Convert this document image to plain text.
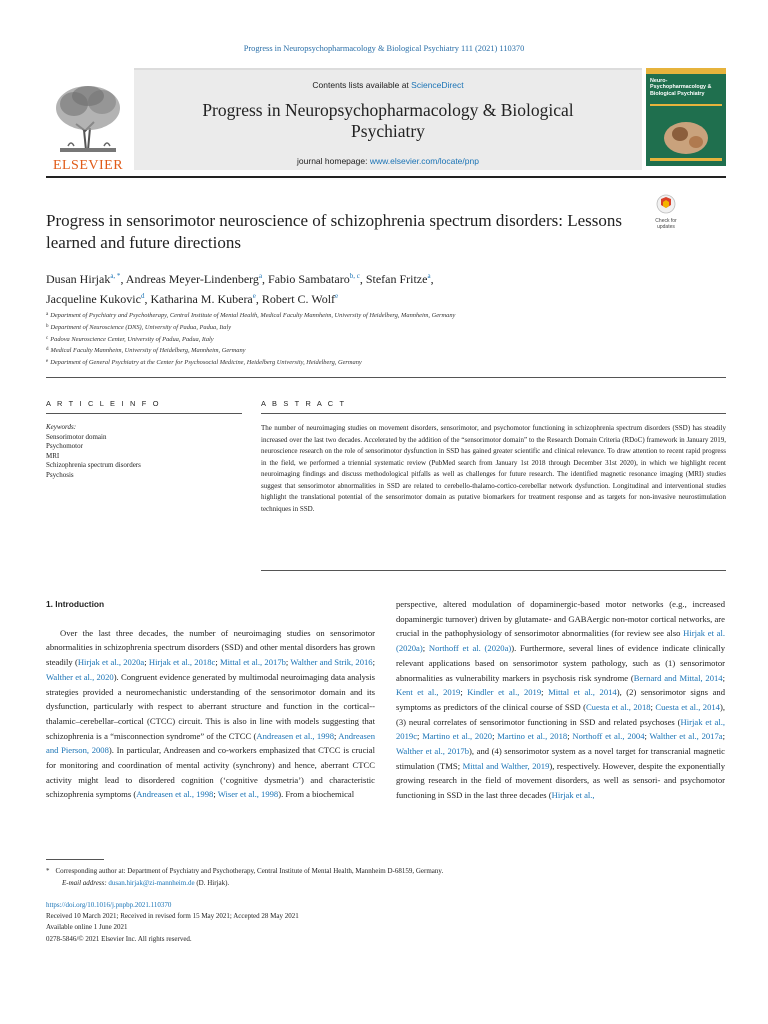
Progress in Neuropsychopharmacology & Biological Psychiatry 111 (2021) 110370
ELSEVIER
Contents lists available at ScienceDirect
Progress in Neuropsychopharmacology & Biological Psychiatry
journal homepage: www.elsevier.com/locate/pnp
Neuro-Psychopharmacology & Biological Psychiatry
Check for
updates
Progress in sensorimotor neuroscience of schizophrenia spectrum disorders: Lessons learned and future directions
Dusan Hirjak$^{a, *}$, Andreas Meyer-Lindenberg$^a$, Fabio Sambataro$^{b, c}$, Stefan Fritze$^a$,
Jacqueline Kukovic$^d$, Katharina M. Kubera$^e$, Robert C. Wolf$^e$
$^a$ Department of Psychiatry and Psychotherapy, Central Institute of Mental Health, Medical Faculty Mannheim, University of Heidelberg, Mannheim, Germany
$^b$ Department of Neuroscience (DNS), University of Padua, Padua, Italy
$^c$ Padova Neuroscience Center, University of Padua, Padua, Italy
$^d$ Medical Faculty Mannheim, University of Heidelberg, Mannheim, Germany
$^e$ Department of General Psychiatry at the Center for Psychosocial Medicine, Heidelberg University, Heidelberg, Germany
A R T I C L E I N F O	A B S T R A C T
Keywords:
Sensorimotor domain
Psychomotor
MRI
Schizophrenia spectrum disorders
Psychosis
The number of neuroimaging studies on movement disorders, sensorimotor, and psychomotor functioning in schizophrenia spectrum disorders (SSD) has steadily increased over the last two decades. Accelerated by the addition of the “sensorimotor domain” to the Research Domain Criteria (RDoC) framework in January 2019, neuroscience research on the role of sensorimotor dysfunction in SSD has gained greater scientific and clinical relevance. To draw attention to recent rapid progress in the field, we performed a triennial systematic review (PubMed search from January 1st 2018 through December 31st 2020), in which we highlight recent neuroimaging findings and discuss methodological pitfalls as well as challenges for future research. The identified magnetic resonance imaging (MRI) studies suggest that sensorimotor abnormalities in SSD are related to cerebello-thalamo-cortico-cerebellar network dysfunction. Longitudinal and interventional studies highlight the translational potential of the sensorimotor domain as putative biomarkers for treatment response and as targets for non-invasive neurostimulation techniques in SSD.
1. Introduction

Over the last three decades, the number of neuroimaging studies on sensorimotor abnormalities in schizophrenia spectrum disorders (SSD) and other mental disorders has grown steadily (Hirjak et al., 2020a; Hirjak et al., 2018c; Mittal et al., 2017b; Walther and Strik, 2016; Walther et al., 2020). Congruent evidence generated by multimodal neuroimaging data analysis strategies provided a neuromechanistic understanding of the sensorimotor domain and its dysfunction, particularly with respect to aberrant structure and function in the cortical--thalamic–cerebellar–cortical (CTCC) circuit. This is also in line with models suggesting that schizophrenia is a “misconnection syndrome” of the CTCC (Andreasen et al., 1998; Andreasen and Pierson, 2008). In particular, Andreasen and co-workers emphasized that CTCC is crucial for monitoring and coordination of mental activity (synchrony) and hence, aberrant CTCC activity might lead to disordered cognition (‘cognitive dysmetria’) and characteristic schizophrenia symptoms (Andreasen et al., 1998; Wiser et al., 1998). From a biochemical

perspective, altered modulation of dopaminergic-based motor networks (e.g., increased dopaminergic turnover) driven by glutamate- and GABAergic non-motor cortical networks, are crucial in the pathophysiology of sensorimotor abnormalities (for review see also Hirjak et al. (2020a); Northoff et al. (2020a)). Furthermore, several lines of evidence indicate clinically relevant applications based on sensorimotor system pathology, such as (1) sensorimotor abnormalities as vulnerability markers in psychosis risk syndrome (Bernard and Mittal, 2014; Kent et al., 2019; Kindler et al., 2019; Mittal et al., 2014), (2) sensorimotor signs and symptoms as predictors of the clinical course of SSD (Cuesta et al., 2018; Cuesta et al., 2014), (3) neural correlates of sensorimotor functioning in SSD and related psychoses (Hirjak et al., 2019c; Martino et al., 2020; Martino et al., 2018; Northoff et al., 2004; Walther et al., 2017a; Walther et al., 2017b), and (4) sensorimotor system as a novel target for transcranial magnetic stimulation (TMS; Mittal and Walther, 2019), respectively. However, despite the exponentially growing research in the field of movement disorders, as well as sensori- and psychomotor functioning in SSD in the last three decades (Hirjak et al.,

* Corresponding author at: Department of Psychiatry and Psychotherapy, Central Institute of Mental Health, Mannheim D-68159, Germany.
E-mail address: dusan.hirjak@zi-mannheim.de (D. Hirjak).
https://doi.org/10.1016/j.pnpbp.2021.110370
Received 10 March 2021; Received in revised form 15 May 2021; Accepted 28 May 2021
Available online 1 June 2021
0278-5846/© 2021 Elsevier Inc. All rights reserved.
